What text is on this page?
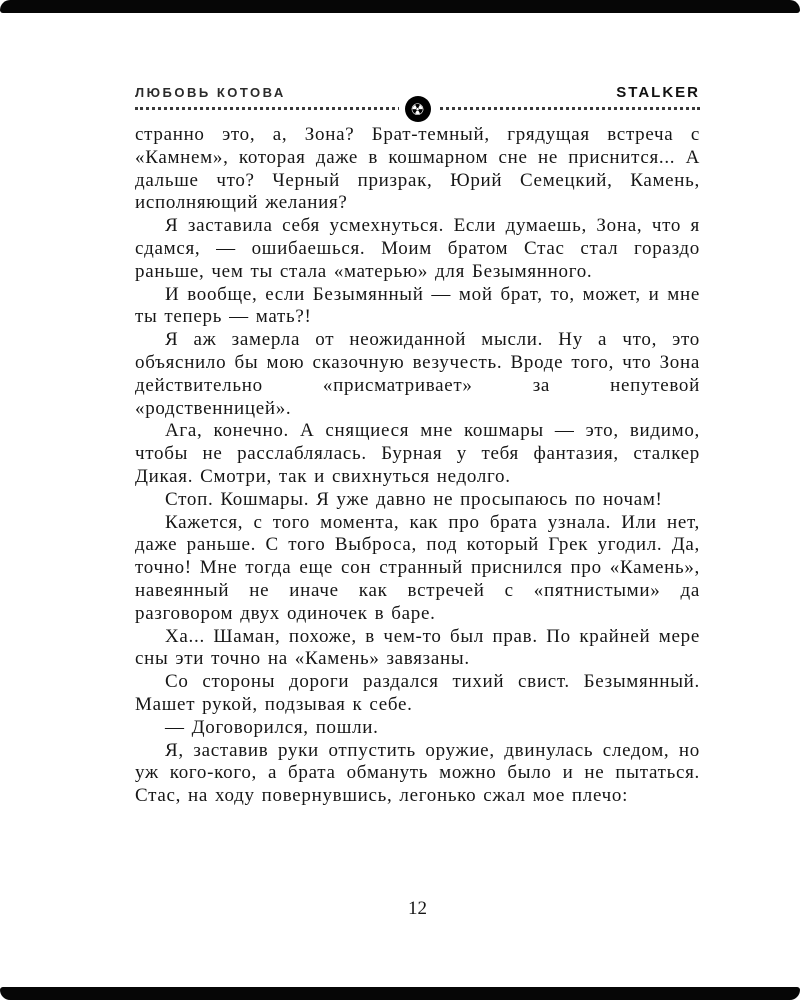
ЛЮБОВЬ КОТОВА	STALKER
☢

странно это, а, Зона? Брат-темный, грядущая встреча с «Камнем», которая даже в кошмарном сне не приснится... А дальше что? Черный призрак, Юрий Семецкий, Камень, исполняющий желания?

Я заставила себя усмехнуться. Если думаешь, Зона, что я сдамся, — ошибаешься. Моим братом Стас стал гораздо раньше, чем ты стала «матерью» для Безымянного.

И вообще, если Безымянный — мой брат, то, может, и мне ты теперь — мать?!

Я аж замерла от неожиданной мысли. Ну а что, это объяснило бы мою сказочную везучесть. Вроде того, что Зона действительно «присматривает» за непутевой «родственницей».

Ага, конечно. А снящиеся мне кошмары — это, видимо, чтобы не расслаблялась. Бурная у тебя фантазия, сталкер Дикая. Смотри, так и свихнуться недолго.

Стоп. Кошмары. Я уже давно не просыпаюсь по ночам!

Кажется, с того момента, как про брата узнала. Или нет, даже раньше. С того Выброса, под который Грек угодил. Да, точно! Мне тогда еще сон странный приснился про «Камень», навеянный не иначе как встречей с «пятнистыми» да разговором двух одиночек в баре.

Ха... Шаман, похоже, в чем-то был прав. По крайней мере сны эти точно на «Камень» завязаны.

Со стороны дороги раздался тихий свист. Безымянный. Машет рукой, подзывая к себе.

— Договорился, пошли.

Я, заставив руки отпустить оружие, двинулась следом, но уж кого-кого, а брата обмануть можно было и не пытаться. Стас, на ходу повернувшись, легонько сжал мое плечо:

12
